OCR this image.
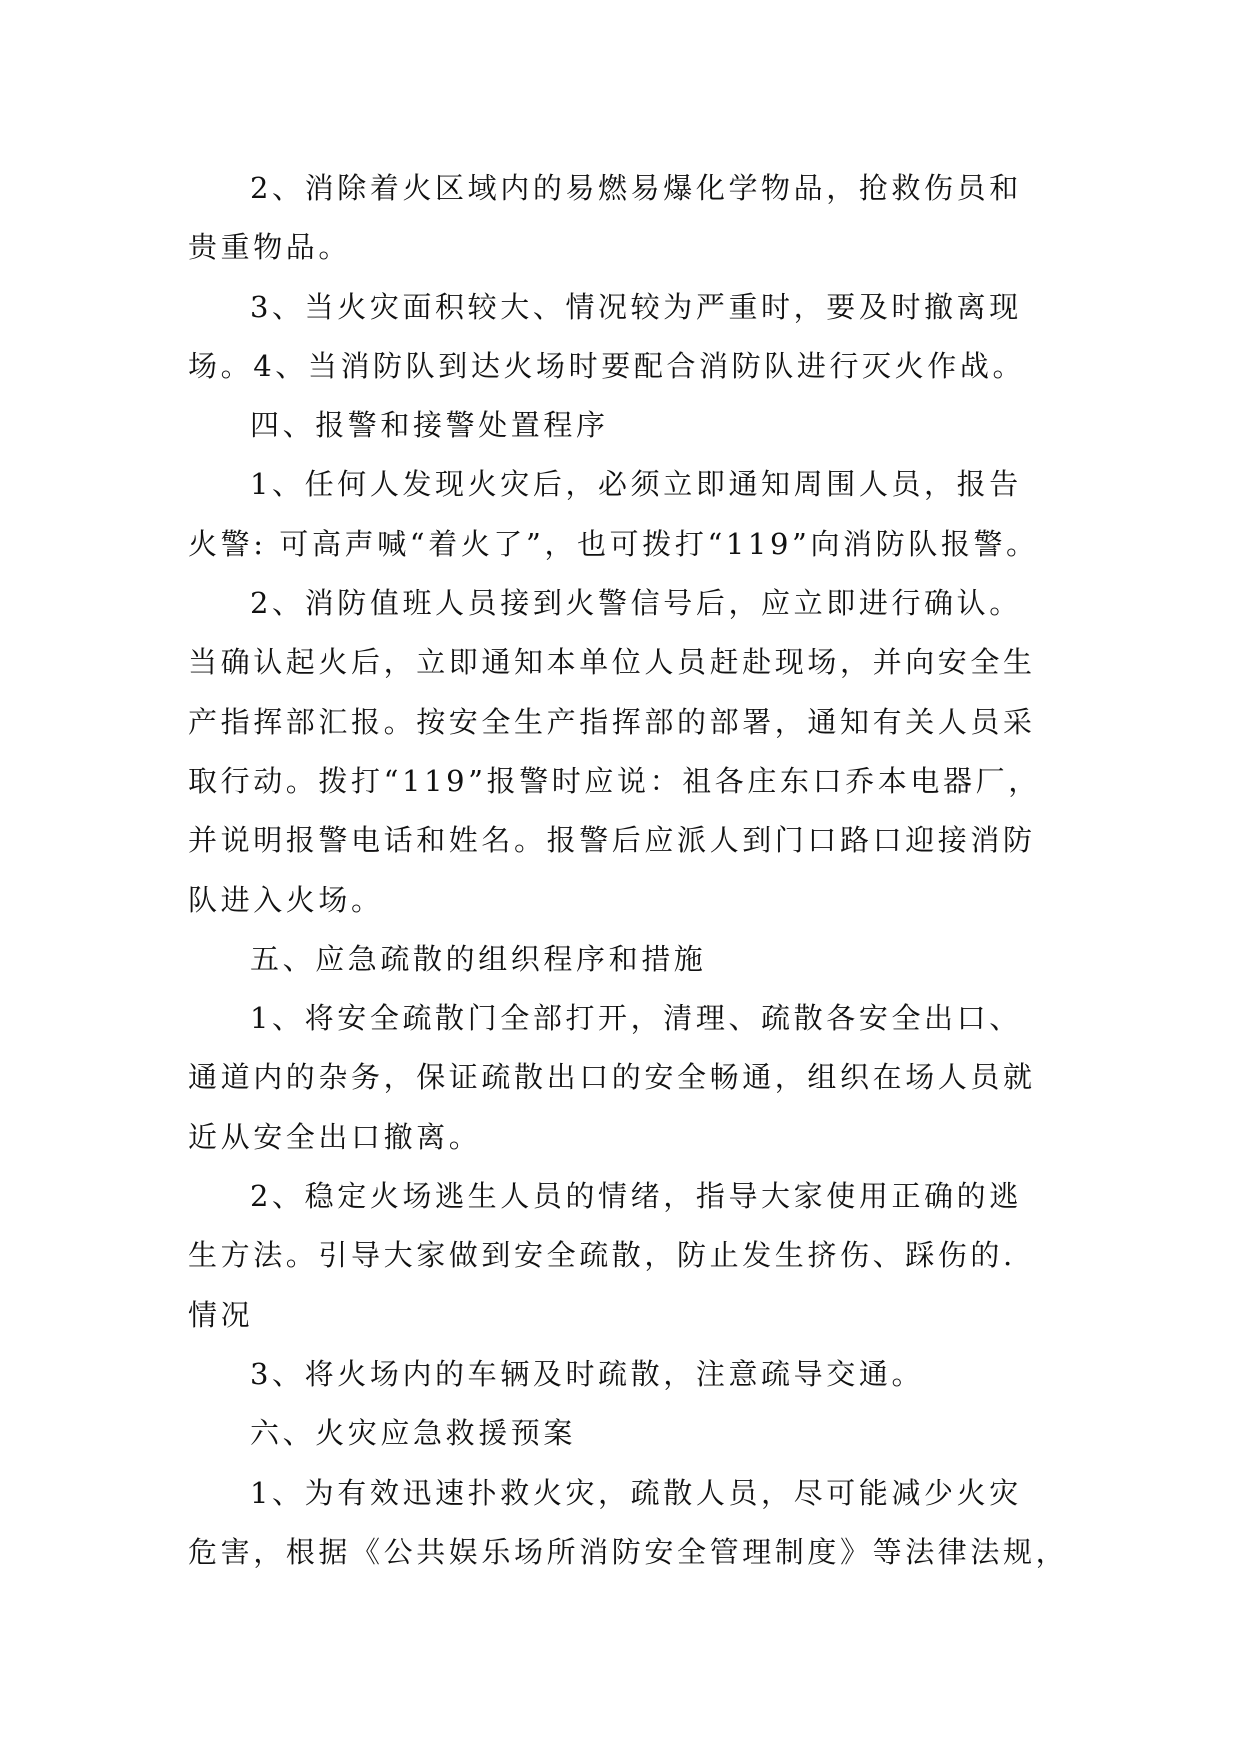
2、消除着火区域内的易燃易爆化学物品，抢救伤员和
贵重物品。
3、当火灾面积较大、情况较为严重时，要及时撤离现
场。4、当消防队到达火场时要配合消防队进行灭火作战。
四、报警和接警处置程序
1、任何人发现火灾后，必须立即通知周围人员，报告
火警: 可高声喊“着火了”，也可拨打“119”向消防队报警。
2、消防值班人员接到火警信号后，应立即进行确认。
当确认起火后，立即通知本单位人员赶赴现场，并向安全生
产指挥部汇报。按安全生产指挥部的部署，通知有关人员采
取行动。拨打“119”报警时应说：祖各庄东口乔本电器厂，
并说明报警电话和姓名。报警后应派人到门口路口迎接消防
队进入火场。
五、应急疏散的组织程序和措施
1、将安全疏散门全部打开，清理、疏散各安全出口、
通道内的杂务，保证疏散出口的安全畅通，组织在场人员就
近从安全出口撤离。
2、稳定火场逃生人员的情绪，指导大家使用正确的逃
生方法。引导大家做到安全疏散，防止发生挤伤、踩伤的.
情况
3、将火场内的车辆及时疏散，注意疏导交通。
六、火灾应急救援预案
1、为有效迅速扑救火灾，疏散人员，尽可能减少火灾
危害，根据《公共娱乐场所消防安全管理制度》等法律法规，
